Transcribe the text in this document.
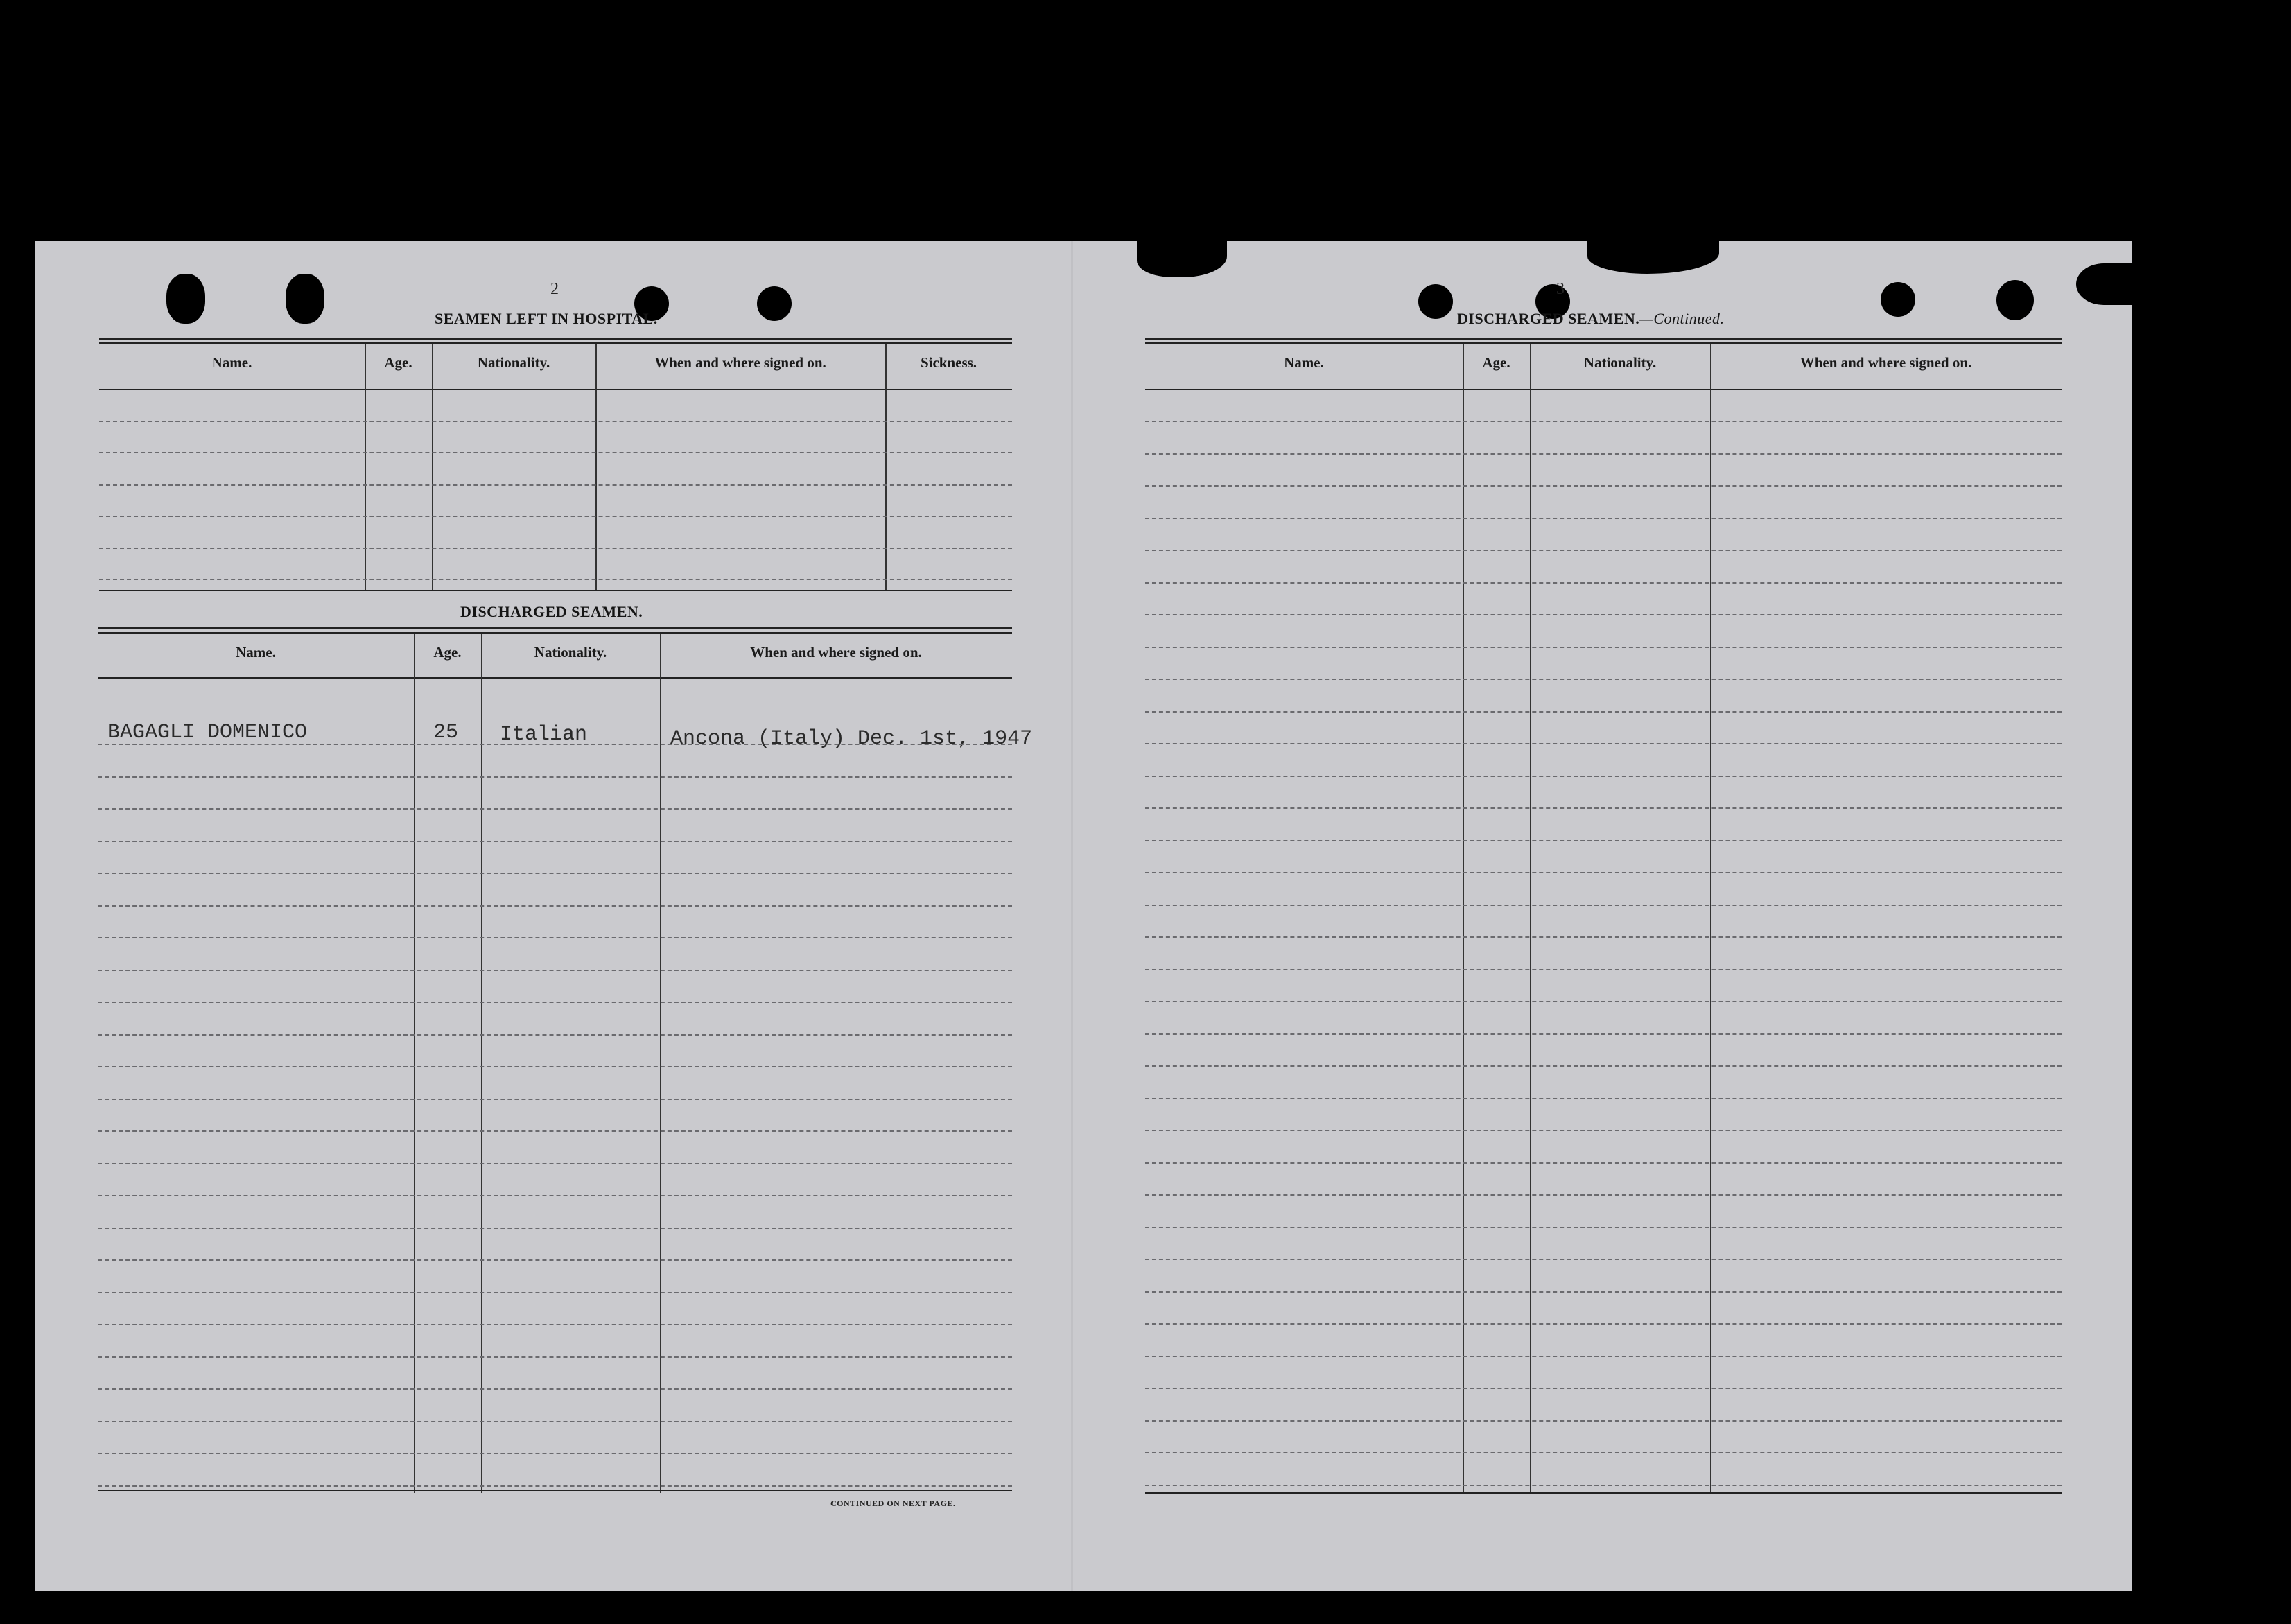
2
SEAMEN LEFT IN HOSPITAL.
Name.	Age.	Nationality.	When and where signed on.	Sickness.
DISCHARGED SEAMEN.
Name.	Age.	Nationality.	When and where signed on.
BAGAGLI DOMENICO	25 Italian	Ancona (Italy) Dec. 1st, 1947
CONTINUED ON NEXT PAGE.
3
DISCHARGED SEAMEN.—Continued.
Name.	Age.	Nationality.	When and where signed on.
